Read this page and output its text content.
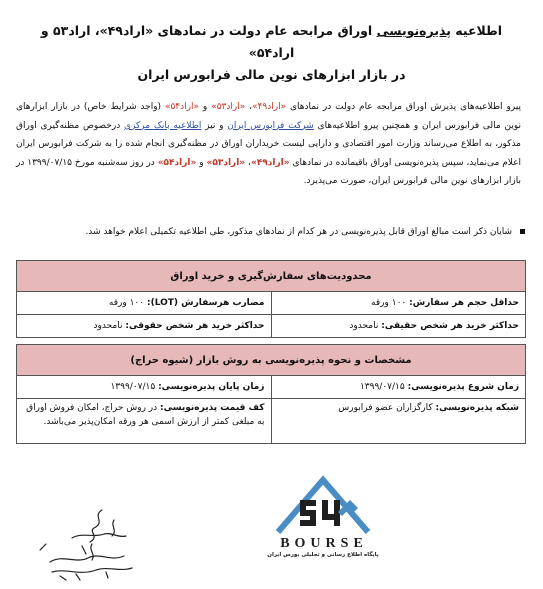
اطلاعیه پذیره‌نویسی اوراق مرابحه عام دولت در نمادهای «اراد۴۹»، اراد۵۳ و اراد۵۴»
در بازار ابزارهای نوین مالی فرابورس ایران
پیرو اطلاعیه‌های پذیرش اوراق مرابحه عام دولت در نمادهای «اراد۴۹»، «اراد۵۳» و «اراد۵۴» (واجد شرایط خاص) در بازار ابزارهای نوین مالی فرابورس ایران و همچنین پیرو اطلاعیه‌های شرکت فرابورس ایران و نیز اطلاعیه بانک مرکزی درخصوص مظنه‌گیری اوراق مذکور، به اطلاع می‌رساند وزارت امور اقتصادی و دارایی لیست خریداران اوراق در مظنه‌گیری انجام شده را به شرکت فرابورس ایران اعلام می‌نماید، سپس پذیره‌نویسی اوراق باقیمانده در نمادهای «اراد۴۹»، «اراد۵۳» و «اراد۵۴» در روز سه‌شنبه مورخ ۱۳۹۹/۰۷/۱۵ در بازار ابزارهای نوین مالی فرابورس ایران، صورت می‌پذیرد.
شایان ذکر است مبالغ اوراق قابل پذیره‌نویسی در هر کدام از نمادهای مذکور، طی اطلاعیه تکمیلی اعلام خواهد شد.
محدودیت‌های سفارش‌گیری و خرید اوراق	
حداقل حجم هر سفارش: ۱۰۰ ورقه	مضارب هرسفارش (LOT): ۱۰۰ ورقه
حداکثر خرید هر شخص حقیقی: نامحدود	حداکثر خرید هر شخص حقوقی: نامحدود
مشخصات و نحوه پذیره‌نویسی به روش بازار (شیوه حراج)	
زمان شروع پذیره‌نویسی: ۱۳۹۹/۰۷/۱۵	زمان پایان پذیره‌نویسی: ۱۳۹۹/۰۷/۱۵
شبکه پذیره‌نویسی: کارگزاران عضو فرابورس	کف قیمت پذیره‌نویسی: در روش حراج، امکان فروش اوراق به مبلغی کمتر از ارزش اسمی هر ورقه امکان‌پذیر می‌باشد.
BOURSE
پایگاه اطلاع رسانی و تحلیلی بورس ایران
